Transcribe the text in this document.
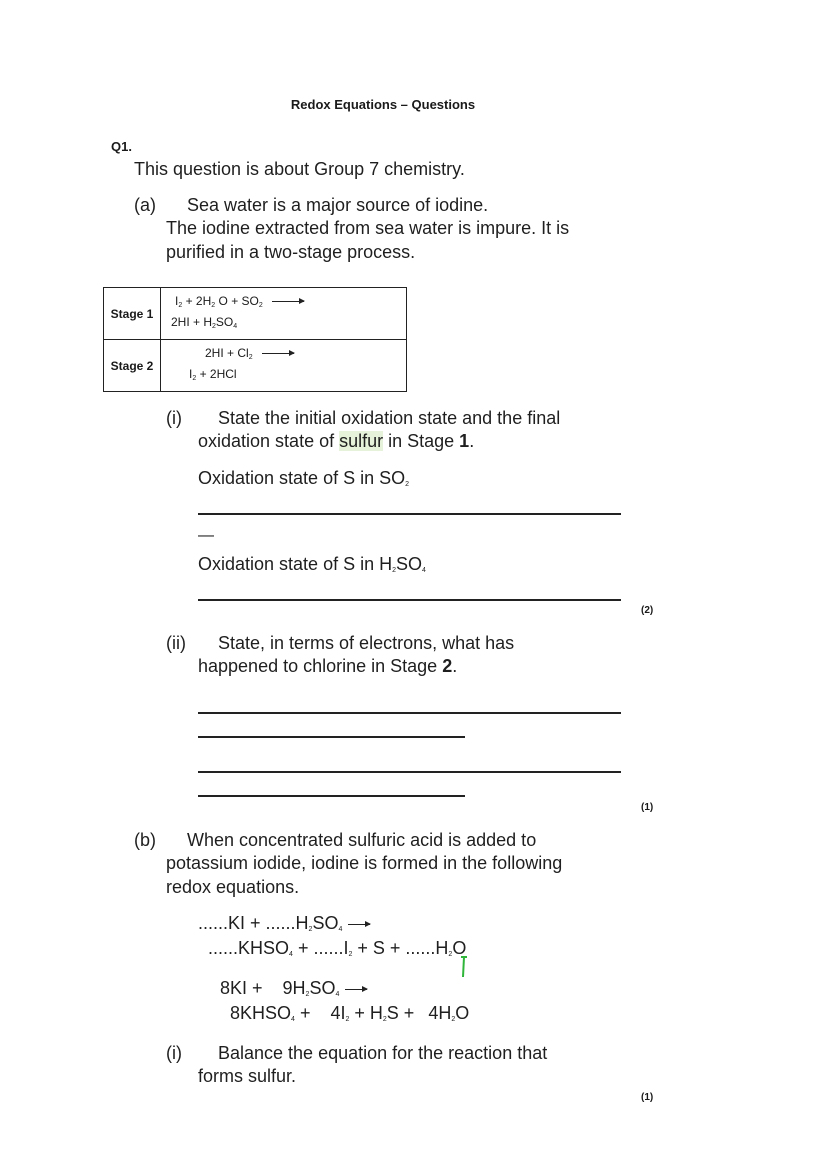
Redox Equations – Questions
Q1.
This question is about Group 7 chemistry.
(a) Sea water is a major source of iodine.
The iodine extracted from sea water is impure. It is
purified in a two-stage process.
Stage 1	$I_2 + 2H_2$ $O + SO_2$
$2HI + H_2SO_4$

Stage 2	$2HI + Cl_2$
$I_2 + 2HCl$
(i) State the initial oxidation state and the final
oxidation state of sulfur in Stage 1.
Oxidation state of S in $SO_2$
—
Oxidation state of S in $H_2SO_4$
(2)
(ii) State, in terms of electrons, what has
happened to chlorine in Stage 2.
(1)
(b) When concentrated sulfuric acid is added to
potassium iodide, iodine is formed in the following
redox equations.
$......KI + ......H_2SO_4$
$......KHSO_4 + ......I_2 + S + ......H_2O$
$8KI + 9H_2SO_4$
$8KHSO_4 + 4I_2 + H_2S + 4H_2O$
(i) Balance the equation for the reaction that
forms sulfur.
(1)
